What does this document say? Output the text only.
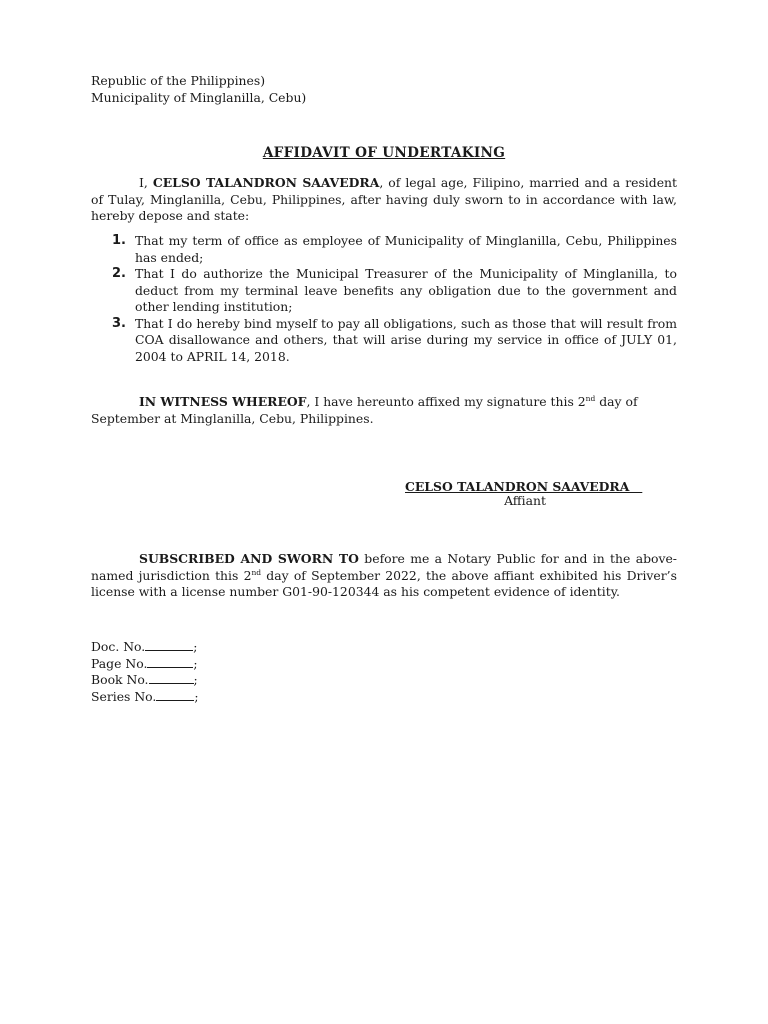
Republic of the Philippines)
Municipality of Minglanilla, Cebu)
AFFIDAVIT OF UNDERTAKING
I, CELSO TALANDRON SAAVEDRA, of legal age, Filipino, married and a resident of Tulay, Minglanilla, Cebu, Philippines, after having duly sworn to in accordance with law, hereby depose and state:
1. That my term of office as employee of Municipality of Minglanilla, Cebu, Philippines has ended;
2. That I do authorize the Municipal Treasurer of the Municipality of Minglanilla, to deduct from my terminal leave benefits any obligation due to the government and other lending institution;
3. That I do hereby bind myself to pay all obligations, such as those that will result from COA disallowance and others, that will arise during my service in office of JULY 01, 2004 to APRIL 14, 2018.
IN WITNESS WHEREOF, I have hereunto affixed my signature this 2nd day of September at Minglanilla, Cebu, Philippines.
CELSO TALANDRON SAAVEDRA
Affiant
SUBSCRIBED AND SWORN TO before me a Notary Public for and in the above-named jurisdiction this 2nd day of September 2022, the above affiant exhibited his Driver’s license with a license number G01-90-120344 as his competent evidence of identity.
Doc. No.	;
Page No.	;
Book No.	;
Series No.	;
